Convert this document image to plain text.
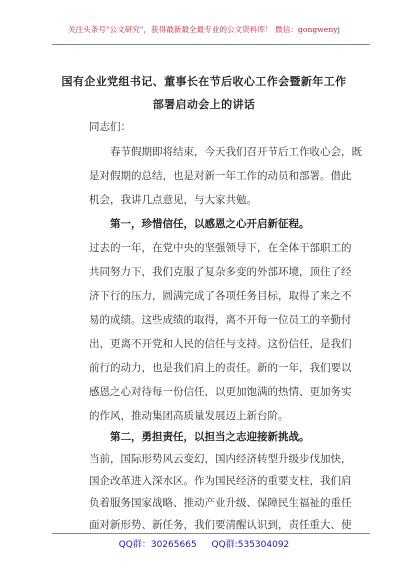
关注头条号"公文研究"，获得最新最全最专业的公文资料库！ 微信：gongwenyj
国有企业党组书记、董事长在节后收心工作会暨新年工作
部署启动会上的讲话
同志们：
春节假期即将结束，今天我们召开节后工作收心会，既
是对假期的总结，也是对新一年工作的动员和部署。借此
机会，我讲几点意见，与大家共勉。
第一，珍惜信任，以感恩之心开启新征程。
过去的一年，在党中央的坚强领导下，在全体干部职工的
共同努力下，我们克服了复杂多变的外部环境，顶住了经
济下行的压力，圆满完成了各项任务目标，取得了来之不
易的成绩。这些成绩的取得，离不开每一位员工的辛勤付
出，更离不开党和人民的信任与支持。这份信任，是我们
前行的动力，也是我们肩上的责任。新的一年，我们要以
感恩之心对待每一份信任，以更加饱满的热情、更加务实
的作风，推动集团高质量发展迈上新台阶。
第二，勇担责任，以担当之志迎接新挑战。
当前，国际形势风云变幻，国内经济转型升级步伐加快，
国企改革进入深水区。作为国民经济的重要支柱，我们肩
负着服务国家战略、推动产业升级、保障民生福祉的重任
面对新形势、新任务，我们要清醒认识到，责任重大、使
QQ群：30265665 QQ群:535304092
